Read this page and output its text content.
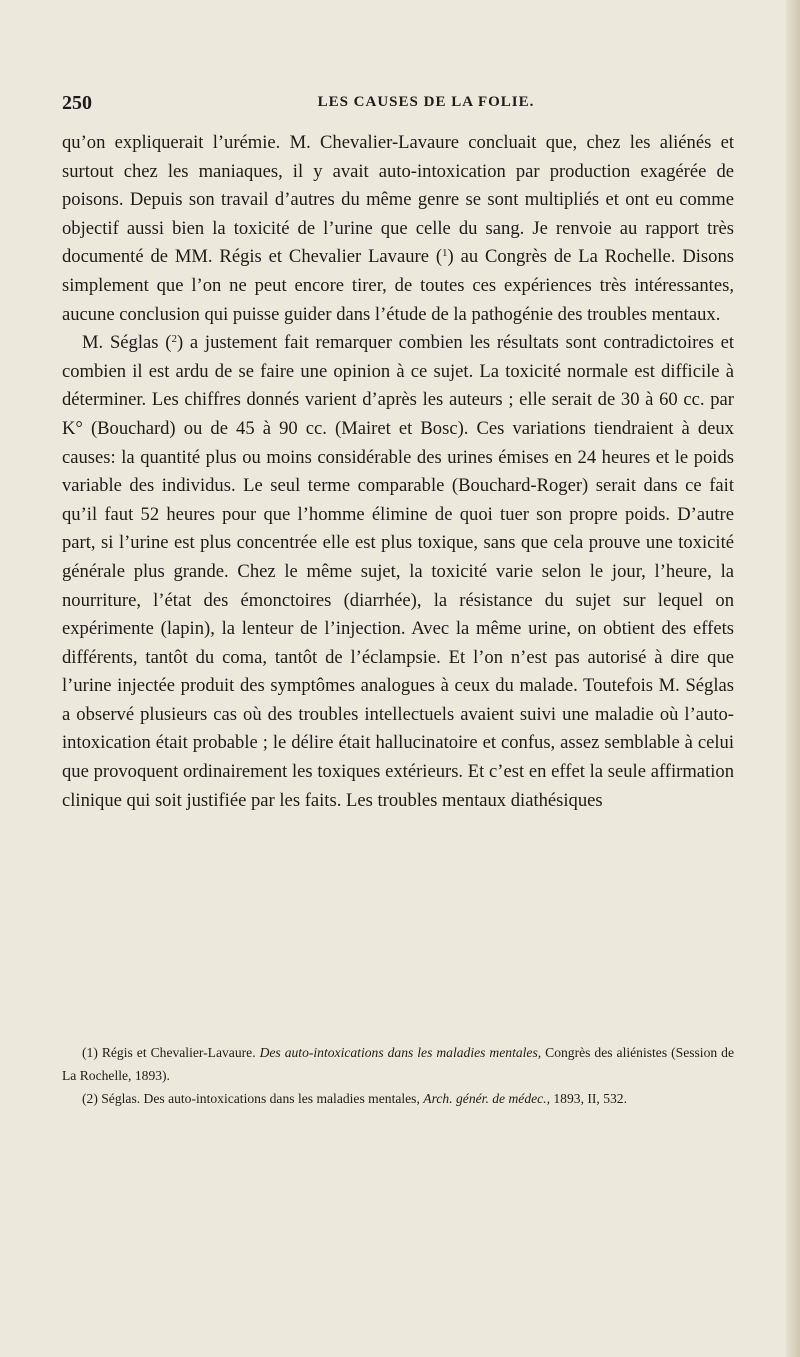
250	LES CAUSES DE LA FOLIE.

qu’on expliquerait l’urémie. M. Chevalier-Lavaure concluait que, chez les aliénés et surtout chez les maniaques, il y avait auto-intoxication par production exagérée de poisons. Depuis son travail d’autres du même genre se sont multipliés et ont eu comme objectif aussi bien la toxicité de l’urine que celle du sang. Je renvoie au rapport très documenté de MM. Régis et Chevalier Lavaure ($^1$) au Congrès de La Rochelle. Disons simplement que l’on ne peut encore tirer, de toutes ces expériences très intéressantes, aucune conclusion qui puisse guider dans l’étude de la pathogénie des troubles mentaux.

M. Séglas ($^2$) a justement fait remarquer combien les résultats sont contradictoires et combien il est ardu de se faire une opinion à ce sujet. La toxicité normale est difficile à déterminer. Les chiffres donnés varient d’après les auteurs ; elle serait de 30 à 60 cc. par K° (Bouchard) ou de 45 à 90 cc. (Mairet et Bosc). Ces variations tiendraient à deux causes: la quantité plus ou moins considérable des urines émises en 24 heures et le poids variable des individus. Le seul terme comparable (Bouchard-Roger) serait dans ce fait qu’il faut 52 heures pour que l’homme élimine de quoi tuer son propre poids. D’autre part, si l’urine est plus concentrée elle est plus toxique, sans que cela prouve une toxicité générale plus grande. Chez le même sujet, la toxicité varie selon le jour, l’heure, la nourriture, l’état des émonctoires (diarrhée), la résistance du sujet sur lequel on expérimente (lapin), la lenteur de l’injection. Avec la même urine, on obtient des effets différents, tantôt du coma, tantôt de l’éclampsie. Et l’on n’est pas autorisé à dire que l’urine injectée produit des symptômes analogues à ceux du malade. Toutefois M. Séglas a observé plusieurs cas où des troubles intellectuels avaient suivi une maladie où l’auto-intoxication était probable ; le délire était hallucinatoire et confus, assez semblable à celui que provoquent ordinairement les toxiques extérieurs. Et c’est en effet la seule affirmation clinique qui soit justifiée par les faits. Les troubles mentaux diathésiques

(1) Régis et Chevalier-Lavaure. Des auto-intoxications dans les maladies mentales, Congrès des aliénistes (Session de La Rochelle, 1893).

(2) Séglas. Des auto-intoxications dans les maladies mentales, Arch. génér. de médec., 1893, II, 532.
